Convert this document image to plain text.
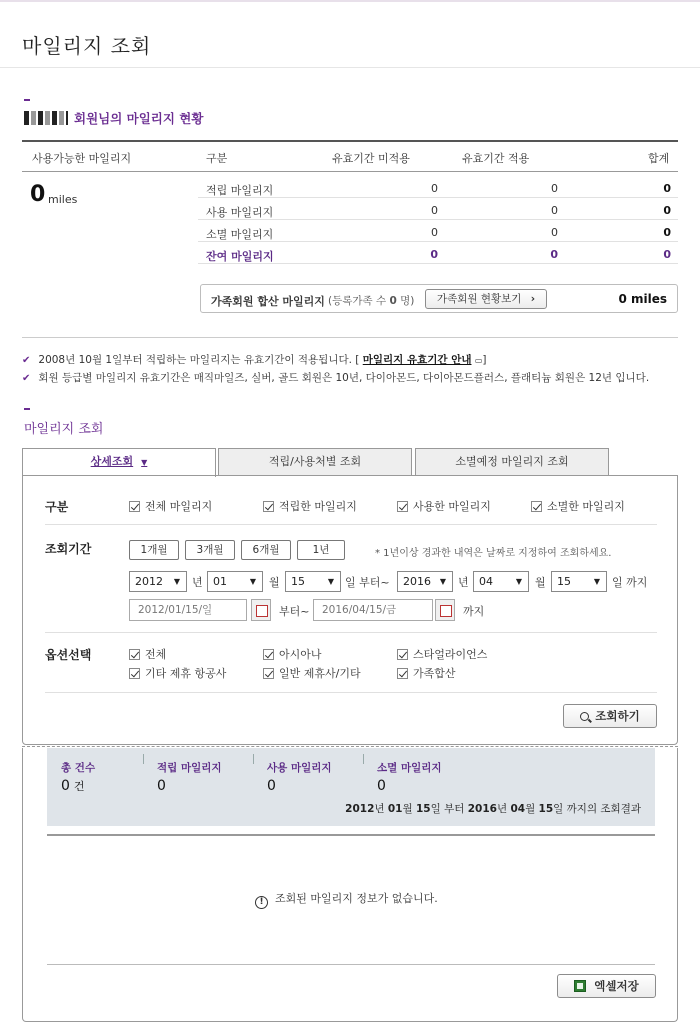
마일리지 조회
회원님의 마일리지 현황
사용가능한 마일리지	구분	유효기간 미적용	유효기간 적용	합계
0 miles
적립 마일리지	0	0	0
사용 마일리지	0	0	0
소멸 마일리지	0	0	0
잔여 마일리지	0	0	0
가족회원 합산 마일리지 (등록가족 수 0 명)	가족회원 현황보기 ›	0 miles
✔ 2008년 10월 1일부터 적립하는 마일리지는 유효기간이 적용됩니다. [ 마일리지 유효기간 안내 ▭]
✔ 회원 등급별 마일리지 유효기간은 매직마일즈, 실버, 골드 회원은 10년, 다이아몬드, 다이아몬드플러스, 플래티늄 회원은 12년 입니다.
마일리지 조회
상세조회 ▼	적립/사용처별 조회	소멸예정 마일리지 조회
구분	전체 마일리지	적립한 마일리지	사용한 마일리지	소멸한 마일리지
조회기간	1개월	3개월	6개월	1년	* 1년이상 경과한 내역은 날짜로 지정하여 조회하세요.
2012 ▼	년 01 ▼	월	15 ▼	일 부터~	2016 ▼	년 04 ▼	월	15 ▼	일 까지
2012/01/15/일	부터~	2016/04/15/금	까지
옵션선택	전체	아시아나	스타얼라이언스
기타 제휴 항공사	일반 제휴사/기타	가족합산
조회하기
총 건수
0 건
적립 마일리지
0
사용 마일리지
0
소멸 마일리지
0
2012년 01월 15일 부터 2016년 04월 15일 까지의 조회결과
! 조회된 마일리지 정보가 없습니다.
엑셀저장
